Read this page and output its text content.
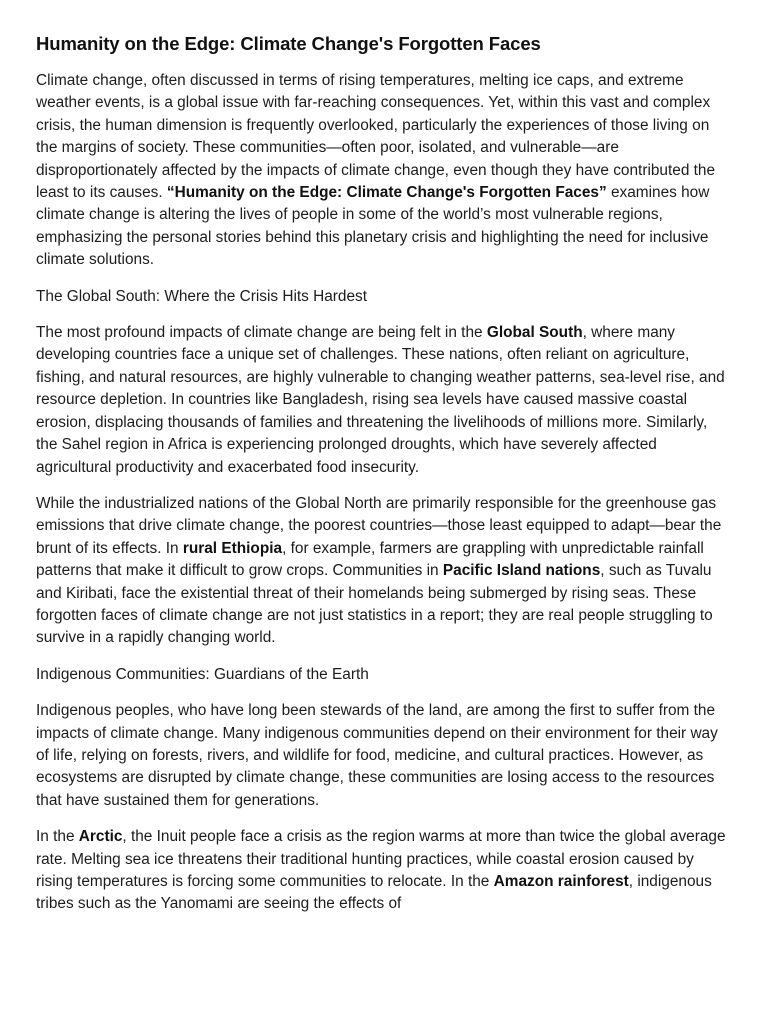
Humanity on the Edge: Climate Change's Forgotten Faces

Climate change, often discussed in terms of rising temperatures, melting ice caps, and extreme weather events, is a global issue with far-reaching consequences. Yet, within this vast and complex crisis, the human dimension is frequently overlooked, particularly the experiences of those living on the margins of society. These communities—often poor, isolated, and vulnerable—are disproportionately affected by the impacts of climate change, even though they have contributed the least to its causes. “Humanity on the Edge: Climate Change's Forgotten Faces” examines how climate change is altering the lives of people in some of the world’s most vulnerable regions, emphasizing the personal stories behind this planetary crisis and highlighting the need for inclusive climate solutions.

The Global South: Where the Crisis Hits Hardest

The most profound impacts of climate change are being felt in the Global South, where many developing countries face a unique set of challenges. These nations, often reliant on agriculture, fishing, and natural resources, are highly vulnerable to changing weather patterns, sea-level rise, and resource depletion. In countries like Bangladesh, rising sea levels have caused massive coastal erosion, displacing thousands of families and threatening the livelihoods of millions more. Similarly, the Sahel region in Africa is experiencing prolonged droughts, which have severely affected agricultural productivity and exacerbated food insecurity.

While the industrialized nations of the Global North are primarily responsible for the greenhouse gas emissions that drive climate change, the poorest countries—those least equipped to adapt—bear the brunt of its effects. In rural Ethiopia, for example, farmers are grappling with unpredictable rainfall patterns that make it difficult to grow crops. Communities in Pacific Island nations, such as Tuvalu and Kiribati, face the existential threat of their homelands being submerged by rising seas. These forgotten faces of climate change are not just statistics in a report; they are real people struggling to survive in a rapidly changing world.

Indigenous Communities: Guardians of the Earth

Indigenous peoples, who have long been stewards of the land, are among the first to suffer from the impacts of climate change. Many indigenous communities depend on their environment for their way of life, relying on forests, rivers, and wildlife for food, medicine, and cultural practices. However, as ecosystems are disrupted by climate change, these communities are losing access to the resources that have sustained them for generations.

In the Arctic, the Inuit people face a crisis as the region warms at more than twice the global average rate. Melting sea ice threatens their traditional hunting practices, while coastal erosion caused by rising temperatures is forcing some communities to relocate. In the Amazon rainforest, indigenous tribes such as the Yanomami are seeing the effects of
